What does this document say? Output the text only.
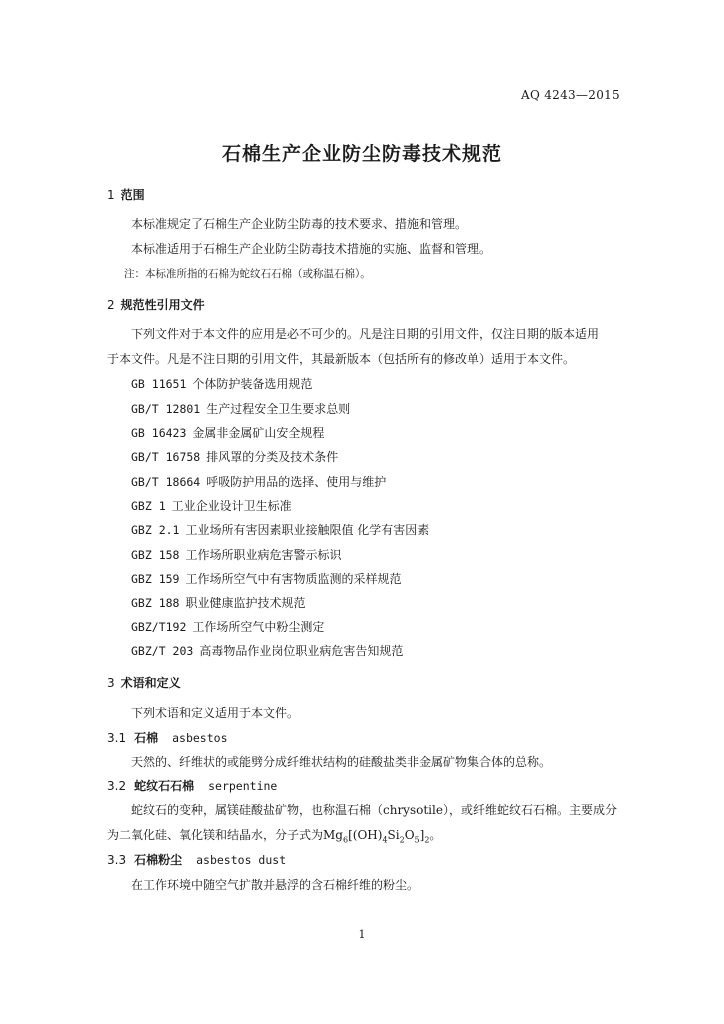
AQ 4243—2015
石棉生产企业防尘防毒技术规范
1 范围
本标准规定了石棉生产企业防尘防毒的技术要求、措施和管理。
本标准适用于石棉生产企业防尘防毒技术措施的实施、监督和管理。
注：本标准所指的石棉为蛇纹石石棉（或称温石棉）。
2 规范性引用文件
下列文件对于本文件的应用是必不可少的。凡是注日期的引用文件，仅注日期的版本适用
于本文件。凡是不注日期的引用文件，其最新版本（包括所有的修改单）适用于本文件。
GB 11651 个体防护装备选用规范
GB/T 12801 生产过程安全卫生要求总则
GB 16423 金属非金属矿山安全规程
GB/T 16758 排风罩的分类及技术条件
GB/T 18664 呼吸防护用品的选择、使用与维护
GBZ 1 工业企业设计卫生标准
GBZ 2.1 工业场所有害因素职业接触限值 化学有害因素
GBZ 158 工作场所职业病危害警示标识
GBZ 159 工作场所空气中有害物质监测的采样规范
GBZ 188 职业健康监护技术规范
GBZ/T192 工作场所空气中粉尘测定
GBZ/T 203 高毒物品作业岗位职业病危害告知规范
3 术语和定义
下列术语和定义适用于本文件。
3.1 石棉 asbestos
天然的、纤维状的或能劈分成纤维状结构的硅酸盐类非金属矿物集合体的总称。
3.2 蛇纹石石棉 serpentine
蛇纹石的变种，属镁硅酸盐矿物，也称温石棉（chrysotile），或纤维蛇纹石石棉。主要成分
为二氧化硅、氧化镁和结晶水，分子式为$Mg_6[(OH)_4Si_2O_5]_2$。
3.3 石棉粉尘 asbestos dust
在工作环境中随空气扩散并悬浮的含石棉纤维的粉尘。
1
